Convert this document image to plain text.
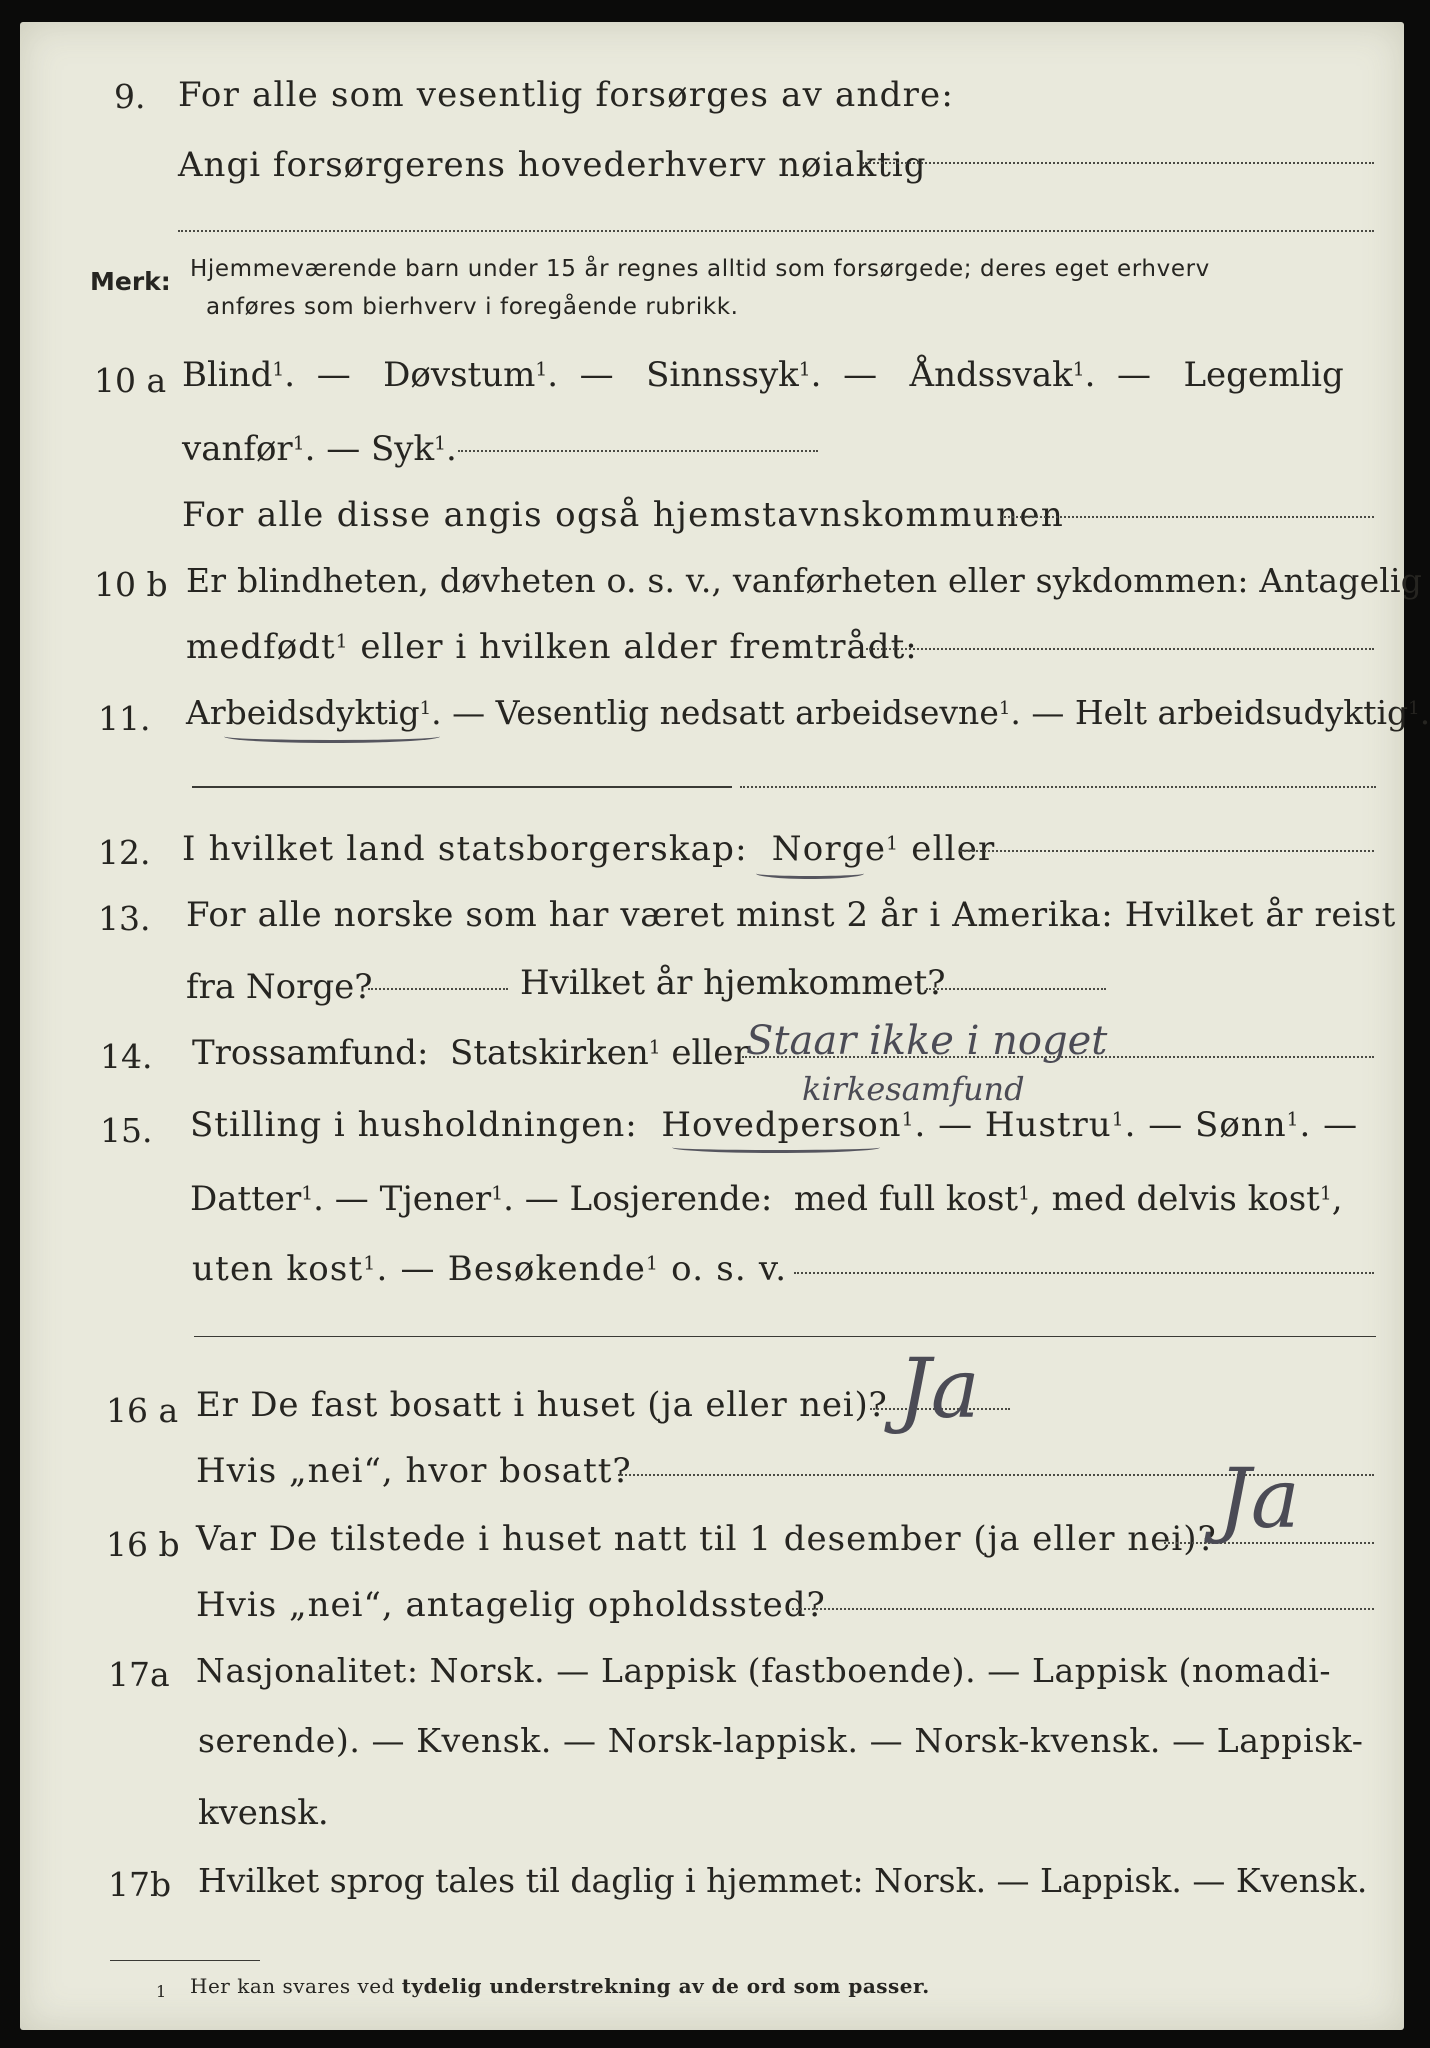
9. For alle som vesentlig forsørges av andre:
Angi forsørgerens hovederhverv nøiaktig
Merk: Hjemmeværende barn under 15 år regnes alltid som forsørgede; deres eget erhverv
anføres som bierhverv i foregående rubrikk.
10 a Blind$^1$.  —   Døvstum$^1$.  —   Sinnssyk$^1$.  —   Åndssvak$^1$.  —   Legemlig
vanfør$^1$. — Syk$^1$.
For alle disse angis også hjemstavnskommunen
10 b Er blindheten, døvheten o. s. v., vanførheten eller sykdommen: Antagelig
medfødt$^1$ eller i hvilken alder fremtrådt:
11. Arbeidsdyktig$^1$. — Vesentlig nedsatt arbeidsevne$^1$. — Helt arbeidsudyktig$^1$.
12. I hvilket land statsborgerskap: Norge$^1$ eller
13. For alle norske som har været minst 2 år i Amerika: Hvilket år reist
fra Norge?	Hvilket år hjemkommet?
14. Trossamfund: Statskirken$^1$ eller
Staar ikke i noget
kirkesamfund
15. Stilling i husholdningen: Hovedperson$^1$. — Hustru$^1$. — Sønn$^1$. —
Datter$^1$. — Tjener$^1$. — Losjerende: med full kost$^1$, med delvis kost$^1$,
uten kost$^1$. — Besøkende$^1$ o. s. v.
16 a Er De fast bosatt i huset (ja eller nei)? Ja
Hvis „nei“, hvor bosatt?
16 b Var De tilstede i huset natt til 1 desember (ja eller nei)? Ja
Hvis „nei“, antagelig opholdssted?
17a Nasjonalitet: Norsk. — Lappisk (fastboende). — Lappisk (nomadi-
serende). — Kvensk. — Norsk-lappisk. — Norsk-kvensk. — Lappisk-
kvensk.
17b Hvilket sprog tales til daglig i hjemmet: Norsk. — Lappisk. — Kvensk.
1 Her kan svares ved tydelig understrekning av de ord som passer.
